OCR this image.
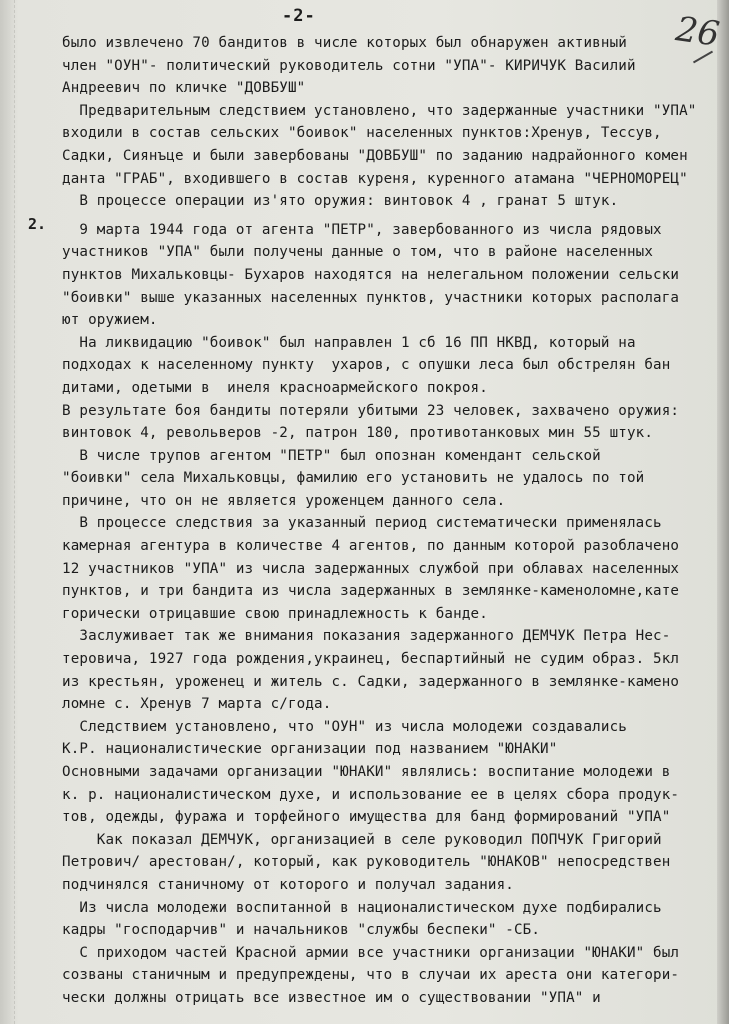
-2-	26
2.
было извлечено 70 бандитов в числе которых был обнаружен активный
член "ОУН"- политический руководитель сотни "УПА"- КИРИЧУК Василий
Андреевич по кличке "ДОВБУШ"
Предварительным следствием установлено, что задержанные участники "УПА"
входили в состав сельских "боивок" населенных пунктов:Хренув, Тессув,
Садки, Сиянъце и были завербованы "ДОВБУШ" по заданию надрайонного комен
данта "ГРАБ", входившего в состав куреня, куренного атамана "ЧЕРНОМОРЕЦ"
В процессе операции из'ято оружия: винтовок 4 , гранат 5 штук.
9 марта 1944 года от агента "ПЕТР", завербованного из числа рядовых
участников "УПА" были получены данные о том, что в районе населенных
пунктов Михальковцы- Бухаров находятся на нелегальном положении сельски
"боивки" выше указанных населенных пунктов, участники которых располага
ют оружием.
На ликвидацию "боивок" был направлен 1 сб 16 ПП НКВД, который на
подходах к населенному пункту  ухаров, с опушки леса был обстрелян бан
дитами, одетыми в  инеля красноармейского покроя.
В результате боя бандиты потеряли убитыми 23 человек, захвачено оружия:
винтовок 4, револьверов -2, патрон 180, противотанковых мин 55 штук.
В числе трупов агентом "ПЕТР" был опознан комендант сельской
"боивки" села Михальковцы, фамилию его установить не удалось по той
причине, что он не является уроженцем данного села.
В процессе следствия за указанный период систематически применялась
камерная агентура в количестве 4 агентов, по данным которой разоблачено
12 участников "УПА" из числа задержанных службой при облавах населенных
пунктов, и три бандита из числа задержанных в землянке-каменоломне,кате
горически отрицавшие свою принадлежность к банде.
Заслуживает так же внимания показания задержанного ДЕМЧУК Петра Нес-
теровича, 1927 года рождения,украинец, беспартийный не судим образ. 5кл
из крестьян, уроженец и житель с. Садки, задержанного в землянке-камено
ломне с. Хренув 7 марта с/года.
Следствием установлено, что "ОУН" из числа молодежи создавались
К.Р. националистические организации под названием "ЮНАКИ"
Основными задачами организации "ЮНАКИ" являлись: воспитание молодежи в
к. р. националистическом духе, и использование ее в целях сбора продук-
тов, одежды, фуража и торфейного имущества для банд формирований "УПА"
Как показал ДЕМЧУК, организацией в селе руководил ПОПЧУК Григорий
Петрович/ арестован/, который, как руководитель "ЮНАКОВ" непосредствен
подчинялся станичному от которого и получал задания.
Из числа молодежи воспитанной в националистическом духе подбирались
кадры "господарчив" и начальников "службы беспеки" -СБ.
С приходом частей Красной армии все участники организации "ЮНАКИ" был
созваны станичным и предупреждены, что в случаи их ареста они категори-
чески должны отрицать все известное им о существовании "УПА" и
